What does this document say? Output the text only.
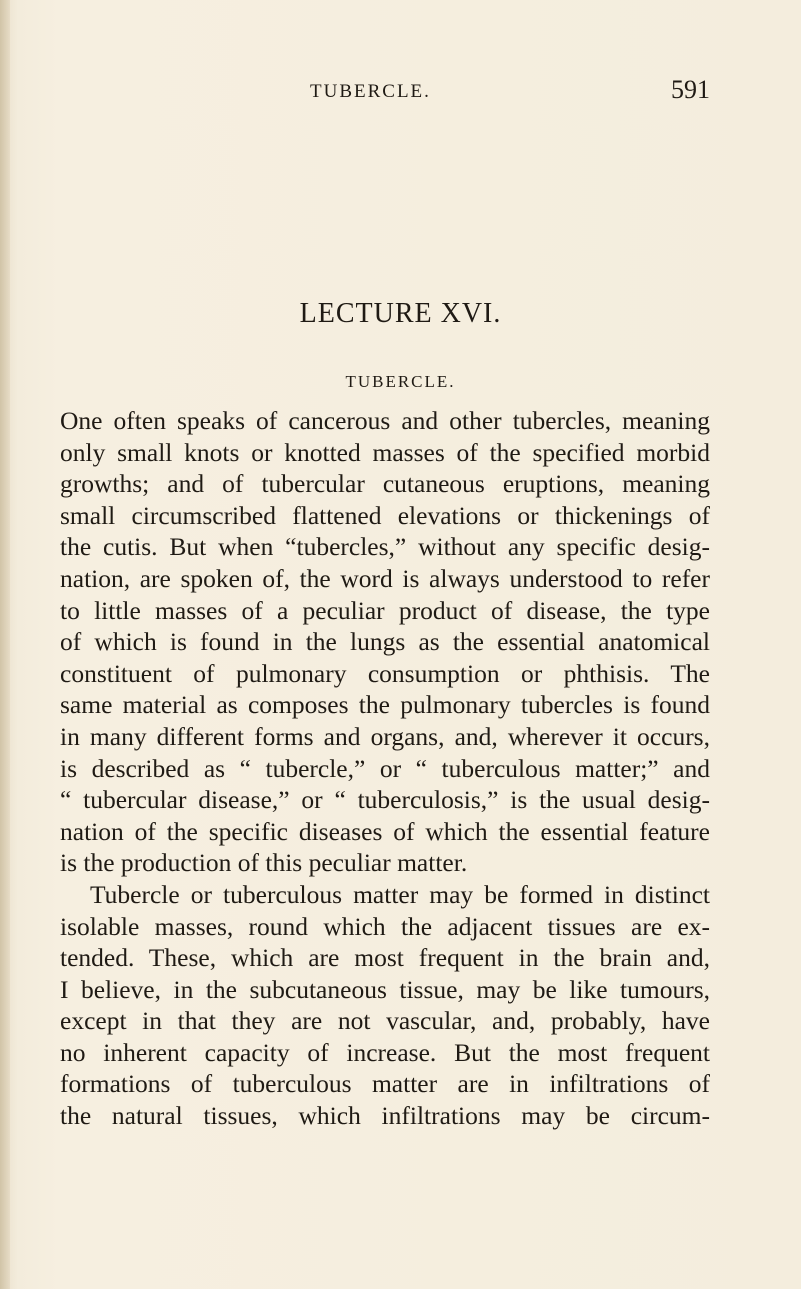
TUBERCLE.	591
LECTURE XVI.
TUBERCLE.
One often speaks of cancerous and other tubercles, meaning
only small knots or knotted masses of the specified morbid
growths; and of tubercular cutaneous eruptions, meaning
small circumscribed flattened elevations or thickenings of
the cutis. But when “tubercles,” without any specific desig-
nation, are spoken of, the word is always understood to refer
to little masses of a peculiar product of disease, the type
of which is found in the lungs as the essential anatomical
constituent of pulmonary consumption or phthisis. The
same material as composes the pulmonary tubercles is found
in many different forms and organs, and, wherever it occurs,
is described as “ tubercle,” or “ tuberculous matter;” and
“ tubercular disease,” or “ tuberculosis,” is the usual desig-
nation of the specific diseases of which the essential feature
is the production of this peculiar matter.
Tubercle or tuberculous matter may be formed in distinct
isolable masses, round which the adjacent tissues are ex-
tended. These, which are most frequent in the brain and,
I believe, in the subcutaneous tissue, may be like tumours,
except in that they are not vascular, and, probably, have
no inherent capacity of increase. But the most frequent
formations of tuberculous matter are in infiltrations of
the natural tissues, which infiltrations may be circum-
